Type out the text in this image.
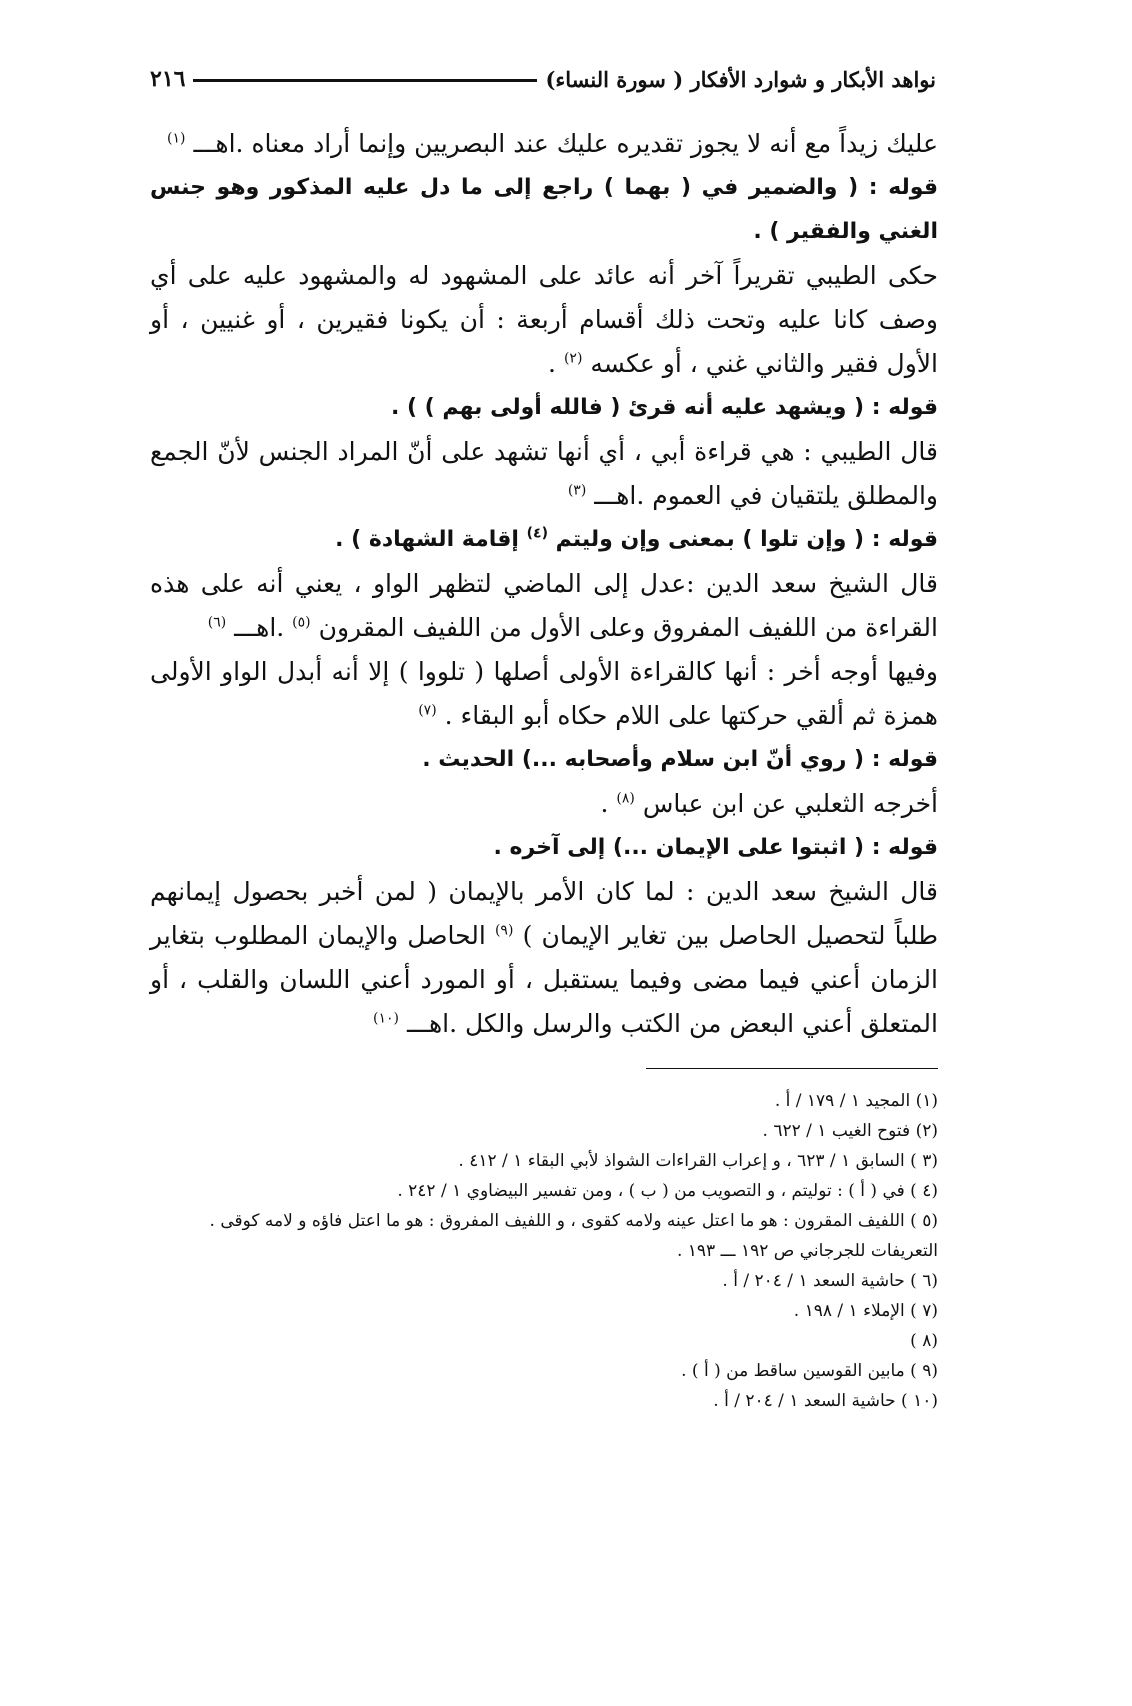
نواهد الأبكار و شوارد الأفكار ( سورة النساء)
٢١٦

عليك زيداً مع أنه لا يجوز تقديره عليك عند البصريين وإنما أراد معناه .اهـــ $^{(١)}$

قوله : ( والضمير في ( بهما ) راجع إلى ما دل عليه المذكور وهو جنس الغني والفقير ) .

حكى الطيبي تقريراً آخر أنه عائد على المشهود له والمشهود عليه على أي وصف كانا عليه وتحت ذلك أقسام أربعة : أن يكونا فقيرين ، أو غنيين ، أو الأول فقير والثاني غني ، أو عكسه $^{(٢)}$ .

قوله : ( ويشهد عليه أنه قرئ ( فالله أولى بهم ) ) .

قال الطيبي : هي قراءة أبي ، أي أنها تشهد على أنّ المراد الجنس لأنّ الجمع والمطلق يلتقيان في العموم .اهـــ $^{(٣)}$

قوله : ( وإن تلوا ) بمعنى وإن وليتم $^{(٤)}$ إقامة الشهادة ) .

قال الشيخ سعد الدين :عدل إلى الماضي لتظهر الواو ، يعني أنه على هذه القراءة من اللفيف المفروق وعلى الأول من اللفيف المقرون $^{(٥)}$ .اهـــ $^{(٦)}$

وفيها أوجه أخر : أنها كالقراءة الأولى أصلها ( تلووا ) إلا أنه أبدل الواو الأولى همزة ثم ألقي حركتها على اللام حكاه أبو البقاء . $^{(٧)}$

قوله : ( روي أنّ ابن سلام وأصحابه ...) الحديث .

أخرجه الثعلبي عن ابن عباس $^{(٨)}$ .

قوله : ( اثبتوا على الإيمان ...) إلى آخره .

قال الشيخ سعد الدين : لما كان الأمر بالإيمان ( لمن أخبر بحصول إيمانهم طلباً لتحصيل الحاصل بين تغاير الإيمان ) $^{(٩)}$ الحاصل والإيمان المطلوب بتغاير الزمان أعني فيما مضى وفيما يستقبل ، أو المورد أعني اللسان والقلب ، أو المتعلق أعني البعض من الكتب والرسل والكل .اهـــ $^{(١٠)}$

(١) المجيد ١ / ١٧٩ / أ .

(٢) فتوح الغيب ١ / ٦٢٢ .

(٣ ) السابق ١ / ٦٢٣ ، و إعراب القراءات الشواذ لأبي البقاء ١ / ٤١٢ .

(٤ ) في ( أ ) : توليتم ، و التصويب من ( ب ) ، ومن تفسير البيضاوي ١ / ٢٤٢ .

(٥ ) اللفيف المقرون : هو ما اعتل عينه ولامه كقوى ، و اللفيف المفروق : هو ما اعتل فاؤه و لامه كوقى . التعريفات للجرجاني ص ١٩٢ ـــ ١٩٣ .

(٦ ) حاشية السعد ١ / ٢٠٤ / أ .

(٧ ) الإملاء ١ / ١٩٨ .

(٨ )

(٩ ) مابين القوسين ساقط من ( أ ) .

(١٠ ) حاشية السعد ١ / ٢٠٤ / أ .
